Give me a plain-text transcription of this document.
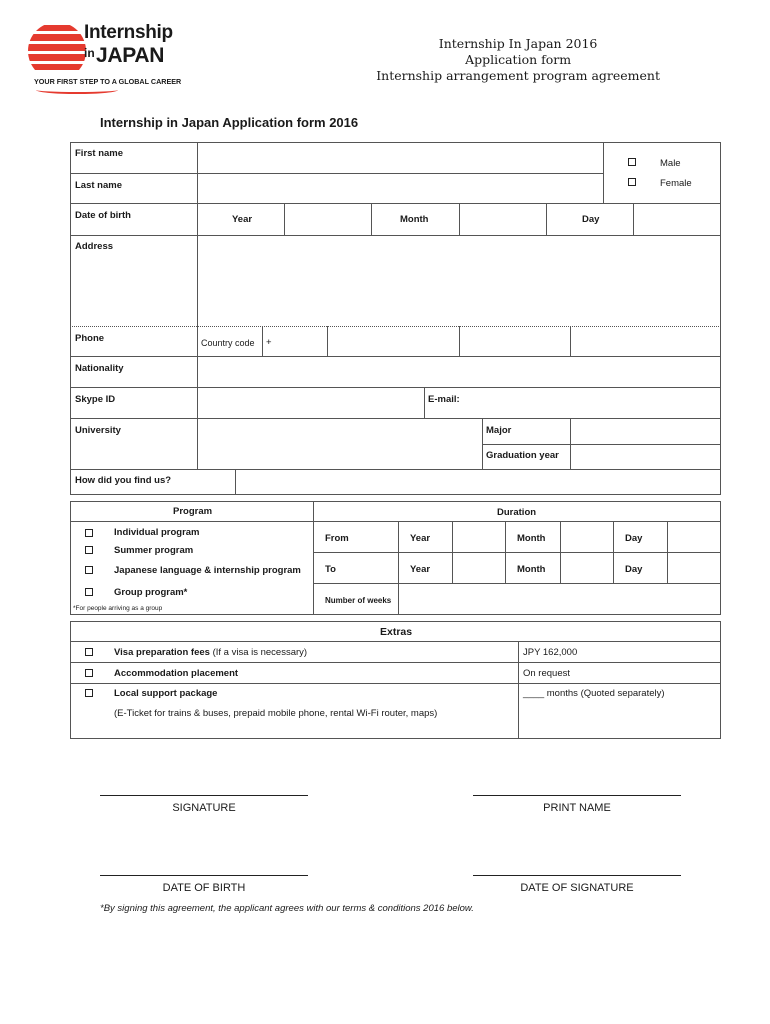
Internship
in JAPAN
YOUR FIRST STEP TO A GLOBAL CAREER
Internship In Japan 2016
Application form
Internship arrangement program agreement
Internship in Japan Application form 2016
First name
Last name
Male
Female
Date of birth	Year	Month	Day
Address
Phone	Country code +
Nationality
Skype ID	E-mail:
University	Major
Graduation year
How did you find us?
Program	Duration
Individual program
Summer program
Japanese language & internship program
Group program*
*For people arriving as a group
From	Year	Month	Day
To	Year	Month	Day
Number of weeks
Extras
Visa preparation fees (If a visa is necessary)	JPY 162,000
Accommodation placement	On request
Local support package	____ months (Quoted separately)
(E-Ticket for trains & buses, prepaid mobile phone, rental Wi-Fi router, maps)
SIGNATURE	PRINT NAME
DATE OF BIRTH	DATE OF SIGNATURE
*By signing this agreement, the applicant agrees with our terms & conditions 2016 below.
